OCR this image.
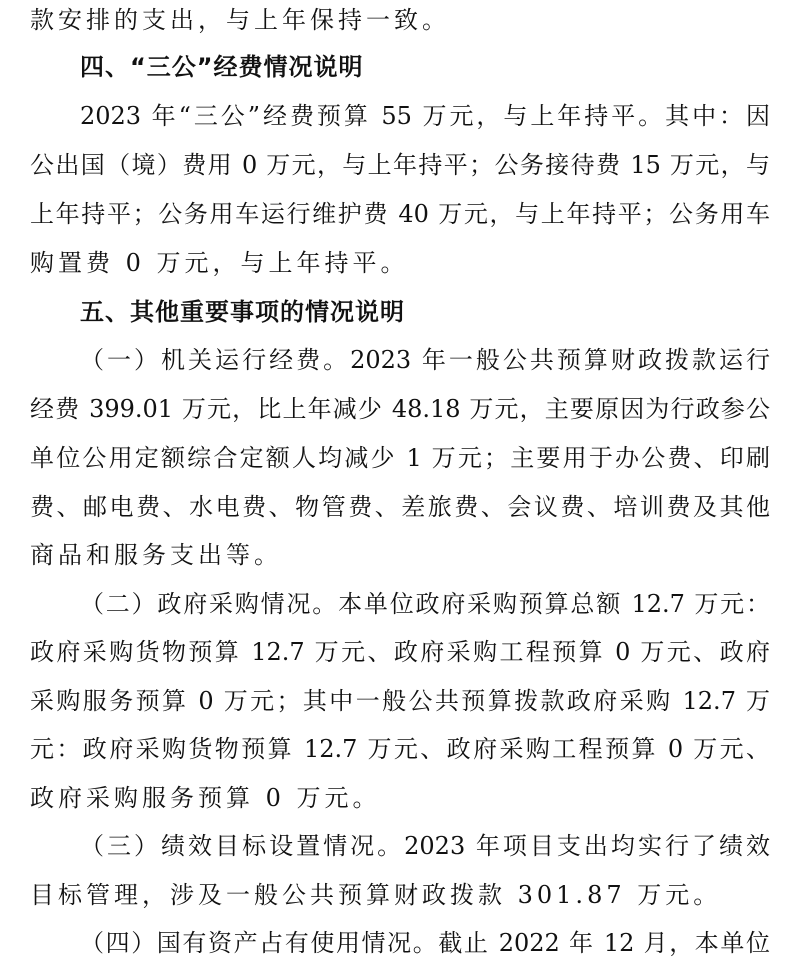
款安排的支出，与上年保持一致。
四、“三公”经费情况说明
2023 年“三公”经费预算 55 万元，与上年持平。其中：因
公出国（境）费用 0 万元，与上年持平；公务接待费 15 万元，与
上年持平；公务用车运行维护费 40 万元，与上年持平；公务用车
购置费 0 万元，与上年持平。
五、其他重要事项的情况说明
（一）机关运行经费。2023 年一般公共预算财政拨款运行
经费 399.01 万元，比上年减少 48.18 万元，主要原因为行政参公
单位公用定额综合定额人均减少 1 万元；主要用于办公费、印刷
费、邮电费、水电费、物管费、差旅费、会议费、培训费及其他
商品和服务支出等。
（二）政府采购情况。本单位政府采购预算总额 12.7 万元：
政府采购货物预算 12.7 万元、政府采购工程预算 0 万元、政府
采购服务预算 0 万元；其中一般公共预算拨款政府采购 12.7 万
元：政府采购货物预算 12.7 万元、政府采购工程预算 0 万元、
政府采购服务预算 0 万元。
（三）绩效目标设置情况。2023 年项目支出均实行了绩效
目标管理，涉及一般公共预算财政拨款 301.87 万元。
（四）国有资产占有使用情况。截止 2022 年 12 月，本单位
